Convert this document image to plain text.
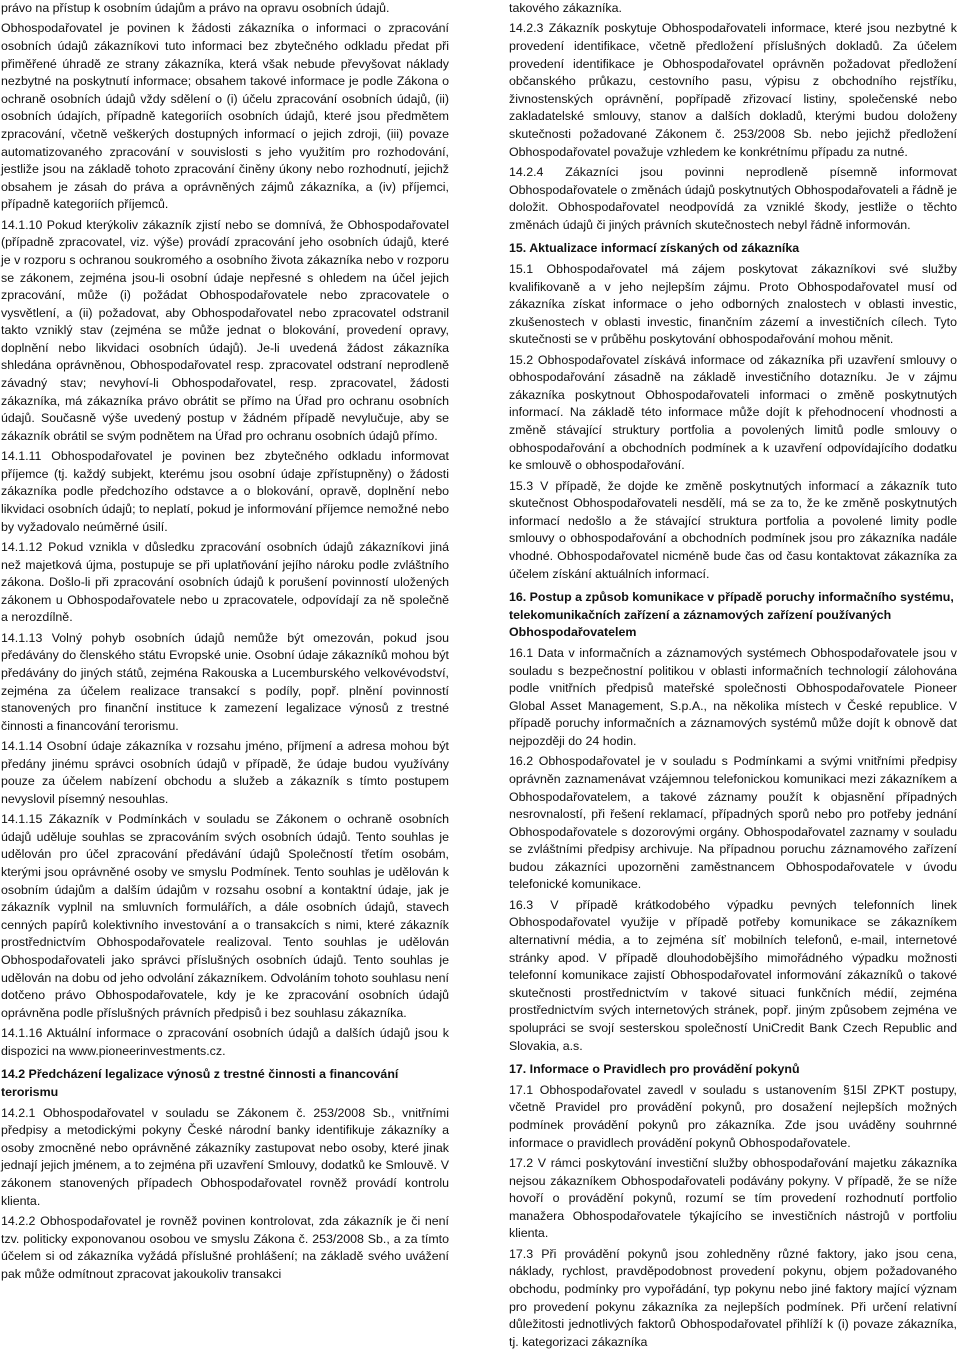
právo na přístup k osobním údajům a právo na opravu osobních údajů.

Obhospodařovatel je povinen k žádosti zákazníka o informaci o zpracování osobních údajů zákazníkovi tuto informaci bez zbytečného odkladu předat při přiměřené úhradě ze strany zákazníka, která však nebude převyšovat náklady nezbytné na poskytnutí informace; obsahem takové informace je podle Zákona o ochraně osobních údajů vždy sdělení o (i) účelu zpracování osobních údajů, (ii) osobních údajích, případně kategoriích osobních údajů, které jsou předmětem zpracování, včetně veškerých dostupných informací o jejich zdroji, (iii) povaze automatizovaného zpracování v souvislosti s jeho využitím pro rozhodování, jestliže jsou na základě tohoto zpracování činěny úkony nebo rozhodnutí, jejichž obsahem je zásah do práva a oprávněných zájmů zákazníka, a (iv) příjemci, případně kategoriích příjemců.

14.1.10 Pokud kterýkoliv zákazník zjistí nebo se domnívá, že Obhospodařovatel (případně zpracovatel, viz. výše) provádí zpracování jeho osobních údajů, které je v rozporu s ochranou soukromého a osobního života zákazníka nebo v rozporu se zákonem, zejména jsou-li osobní údaje nepřesné s ohledem na účel jejich zpracování, může (i) požádat Obhospodařovatele nebo zpracovatele o vysvětlení, a (ii) požadovat, aby Obhospodařovatel nebo zpracovatel odstranil takto vzniklý stav (zejména se může jednat o blokování, provedení opravy, doplnění nebo likvidaci osobních údajů). Je-li uvedená žádost zákazníka shledána oprávněnou, Obhospodařovatel resp. zpracovatel odstraní neprodleně závadný stav; nevyhoví-li Obhospodařovatel, resp. zpracovatel, žádosti zákazníka, má zákazníka právo obrátit se přímo na Úřad pro ochranu osobních údajů. Současně výše uvedený postup v žádném případě nevylučuje, aby se zákazník obrátil se svým podnětem na Úřad pro ochranu osobních údajů přímo.

14.1.11 Obhospodařovatel je povinen bez zbytečného odkladu informovat příjemce (tj. každý subjekt, kterému jsou osobní údaje zpřístupněny) o žádosti zákazníka podle předchozího odstavce a o blokování, opravě, doplnění nebo likvidaci osobních údajů; to neplatí, pokud je informování příjemce nemožné nebo by vyžadovalo neúměrné úsilí.

14.1.12 Pokud vznikla v důsledku zpracování osobních údajů zákazníkovi jiná než majetková újma, postupuje se při uplatňování jejího nároku podle zvláštního zákona. Došlo-li při zpracování osobních údajů k porušení povinností uložených zákonem u Obhospodařovatele nebo u zpracovatele, odpovídají za ně společně a nerozdílně.

14.1.13 Volný pohyb osobních údajů nemůže být omezován, pokud jsou předávány do členského státu Evropské unie. Osobní údaje zákazníků mohou být předávány do jiných států, zejména Rakouska a Lucemburského velkovévodství, zejména za účelem realizace transakcí s podíly, popř. plnění povinností stanovených pro finanční instituce k zamezení legalizace výnosů z trestné činnosti a financování terorismu.

14.1.14 Osobní údaje zákazníka v rozsahu jméno, příjmení a adresa mohou být předány jinému správci osobních údajů v případě, že údaje budou využívány pouze za účelem nabízení obchodu a služeb a zákazník s tímto postupem nevyslovil písemný nesouhlas.

14.1.15 Zákazník v Podmínkách v souladu se Zákonem o ochraně osobních údajů uděluje souhlas se zpracováním svých osobních údajů. Tento souhlas je udělován pro účel zpracování předávání údajů Společností třetím osobám, kterými jsou oprávněné osoby ve smyslu Podmínek. Tento souhlas je udělován k osobním údajům a dalším údajům v rozsahu osobní a kontaktní údaje, jak je zákazník vyplnil na smluvních formulářích, a dále osobních údajů, stavech cenných papírů kolektivního investování a o transakcích s nimi, které zákazník prostřednictvím Obhospodařovatele realizoval. Tento souhlas je udělován Obhospodařovateli jako správci příslušných osobních údajů. Tento souhlas je udělován na dobu od jeho odvolání zákazníkem. Odvoláním tohoto souhlasu není dotčeno právo Obhospodařovatele, kdy je ke zpracování osobních údajů oprávněna podle příslušných právních předpisů i bez souhlasu zákazníka.

14.1.16 Aktuální informace o zpracování osobních údajů a dalších údajů jsou k dispozici na www.pioneerinvestments.cz.

14.2 Předcházení legalizace výnosů z trestné činnosti a financování terorismu

14.2.1 Obhospodařovatel v souladu se Zákonem č. 253/2008 Sb., vnitřními předpisy a metodickými pokyny České národní banky identifikuje zákazníky a osoby zmocněné nebo oprávněné zákazníky zastupovat nebo osoby, které jinak jednají jejich jménem, a to zejména při uzavření Smlouvy, dodatků ke Smlouvě. V zákonem stanovených případech Obhospodařovatel rovněž provádí kontrolu klienta.

14.2.2 Obhospodařovatel je rovněž povinen kontrolovat, zda zákazník je či není tzv. politicky exponovanou osobou ve smyslu Zákona č. 253/2008 Sb., a za tímto účelem si od zákazníka vyžádá příslušné prohlášení; na základě svého uvážení pak může odmítnout zpracovat jakoukoliv transakci

takového zákazníka.

14.2.3 Zákazník poskytuje Obhospodařovateli informace, které jsou nezbytné k provedení identifikace, včetně předložení příslušných dokladů. Za účelem provedení identifikace je Obhospodařovatel oprávněn požadovat předložení občanského průkazu, cestovního pasu, výpisu z obchodního rejstříku, živnostenských oprávnění, popřípadě zřizovací listiny, společenské nebo zakladatelské smlouvy, stanov a dalších dokladů, kterými budou doloženy skutečnosti požadované Zákonem č. 253/2008 Sb. nebo jejichž předložení Obhospodařovatel považuje vzhledem ke konkrétnímu případu za nutné.

14.2.4 Zákazníci jsou povinni neprodleně písemně informovat Obhospodařovatele o změnách údajů poskytnutých Obhospodařovateli a řádně je doložit. Obhospodařovatel neodpovídá za vzniklé škody, jestliže o těchto změnách údajů či jiných právních skutečnostech nebyl řádně informován.

15. Aktualizace informací získaných od zákazníka

15.1 Obhospodařovatel má zájem poskytovat zákazníkovi své služby kvalifikovaně a v jeho nejlepším zájmu. Proto Obhospodařovatel musí od zákazníka získat informace o jeho odborných znalostech v oblasti investic, zkušenostech v oblasti investic, finančním zázemí a investičních cílech. Tyto skutečnosti se v průběhu poskytování obhospodařování mohou měnit.

15.2 Obhospodařovatel získává informace od zákazníka při uzavření smlouvy o obhospodařování zásadně na základě investičního dotazníku. Je v zájmu zákazníka poskytnout Obhospodařovateli informaci o změně poskytnutých informací. Na základě této informace může dojít k přehodnocení vhodnosti a změně stávající struktury portfolia a povolených limitů podle smlouvy o obhospodařování a obchodních podmínek a k uzavření odpovídajícího dodatku ke smlouvě o obhospodařování.

15.3 V případě, že dojde ke změně poskytnutých informací a zákazník tuto skutečnost Obhospodařovateli nesdělí, má se za to, že ke změně poskytnutých informací nedošlo a že stávající struktura portfolia a povolené limity podle smlouvy o obhospodařování a obchodních podmínek jsou pro zákazníka nadále vhodné. Obhospodařovatel nicméně bude čas od času kontaktovat zákazníka za účelem získání aktuálních informací.

16. Postup a způsob komunikace v případě poruchy informačního systému, telekomunikačních zařízení a záznamových zařízení používaných Obhospodařovatelem

16.1 Data v informačních a záznamových systémech Obhospodařovatele jsou v souladu s bezpečnostní politikou v oblasti informačních technologií zálohována podle vnitřních předpisů mateřské společnosti Obhospodařovatele Pioneer Global Asset Management, S.p.A., na několika místech v České republice. V případě poruchy informačních a záznamových systémů může dojít k obnově dat nejpozději do 24 hodin.

16.2 Obhospodařovatel je v souladu s Podmínkami a svými vnitřními předpisy oprávněn zaznamenávat vzájemnou telefonickou komunikaci mezi zákazníkem a Obhospodařovatelem, a takové záznamy použít k objasnění případných nesrovnalostí, při řešení reklamací, případných sporů nebo pro potřeby jednání Obhospodařovatele s dozorovými orgány. Obhospodařovatel zaznamy v souladu se zvláštními předpisy archivuje. Na případnou poruchu záznamového zařízení budou zákazníci upozorněni zaměstnancem Obhospodařovatele v úvodu telefonické komunikace.

16.3 V případě krátkodobého výpadku pevných telefonních linek Obhospodařovatel využije v případě potřeby komunikace se zákazníkem alternativní média, a to zejména síť mobilních telefonů, e-mail, internetové stránky apod. V případě dlouhodobějšího mimořádného výpadku možnosti telefonní komunikace zajistí Obhospodařovatel informování zákazníků o takové skutečnosti prostřednictvím v takové situaci funkčních médií, zejména prostřednictvím svých internetových stránek, popř. jiným způsobem zejména ve spolupráci se svojí sesterskou společností UniCredit Bank Czech Republic and Slovakia, a.s.

17. Informace o Pravidlech pro provádění pokynů

17.1 Obhospodařovatel zavedl v souladu s ustanovením §15l ZPKT postupy, včetně Pravidel pro provádění pokynů, pro dosažení nejlepších možných podmínek provádění pokynů pro zákazníka. Zde jsou uváděny souhrnné informace o pravidlech provádění pokynů Obhospodařovatele.

17.2 V rámci poskytování investiční služby obhospodařování majetku zákazníka nejsou zákazníkem Obhospodařovateli podávány pokyny. V případě, že se níže hovoří o provádění pokynů, rozumí se tím provedení rozhodnutí portfolio manažera Obhospodařovatele týkajícího se investičních nástrojů v portfoliu klienta.

17.3 Při provádění pokynů jsou zohledněny různé faktory, jako jsou cena, náklady, rychlost, pravděpodobnost provedení pokynu, objem požadovaného obchodu, podmínky pro vypořádání, typ pokynu nebo jiné faktory mající význam pro provedení pokynu zákazníka za nejlepších podmínek. Při určení relativní důležitosti jednotlivých faktorů Obhospodařovatel přihlíží k (i) povaze zákazníka, tj. kategorizaci zákazníka
